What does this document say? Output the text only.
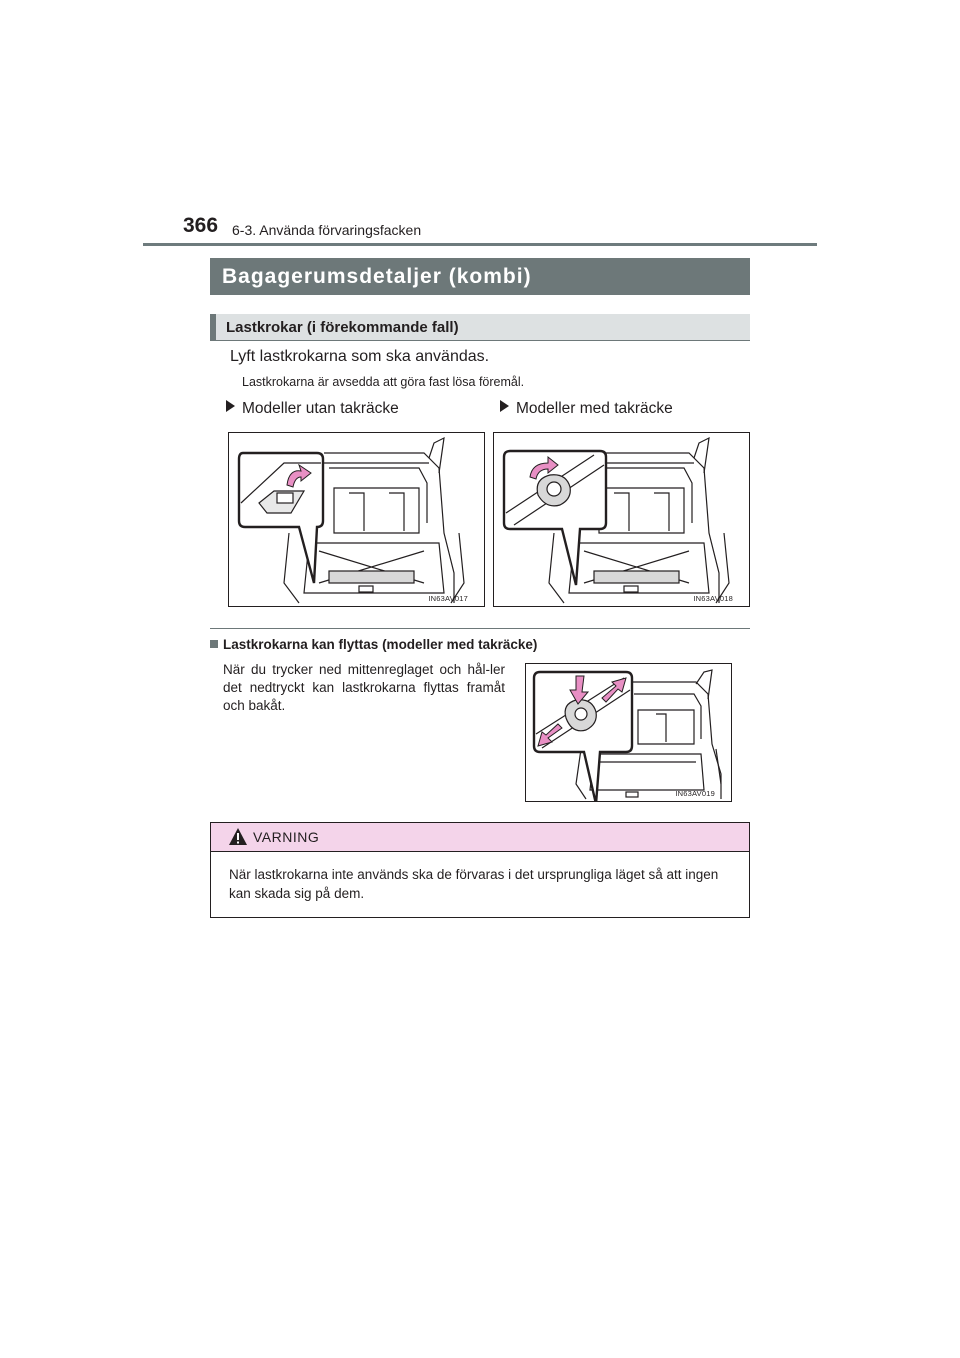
366 6-3. Använda förvaringsfacken
Bagagerumsdetaljer (kombi)
Lastkrokar (i förekommande fall)
Lyft lastkrokarna som ska användas.
Lastkrokarna är avsedda att göra fast lösa föremål.
Modeller utan takräcke	Modeller med takräcke
IN63AV017	IN63AV018
Lastkrokarna kan flyttas (modeller med takräcke)
När du trycker ned mittenreglaget och hål-ler det nedtryckt kan lastkrokarna flyttas framåt och bakåt.
IN63AV019
VARNING
När lastkrokarna inte används ska de förvaras i det ursprungliga läget så att ingen kan skada sig på dem.
